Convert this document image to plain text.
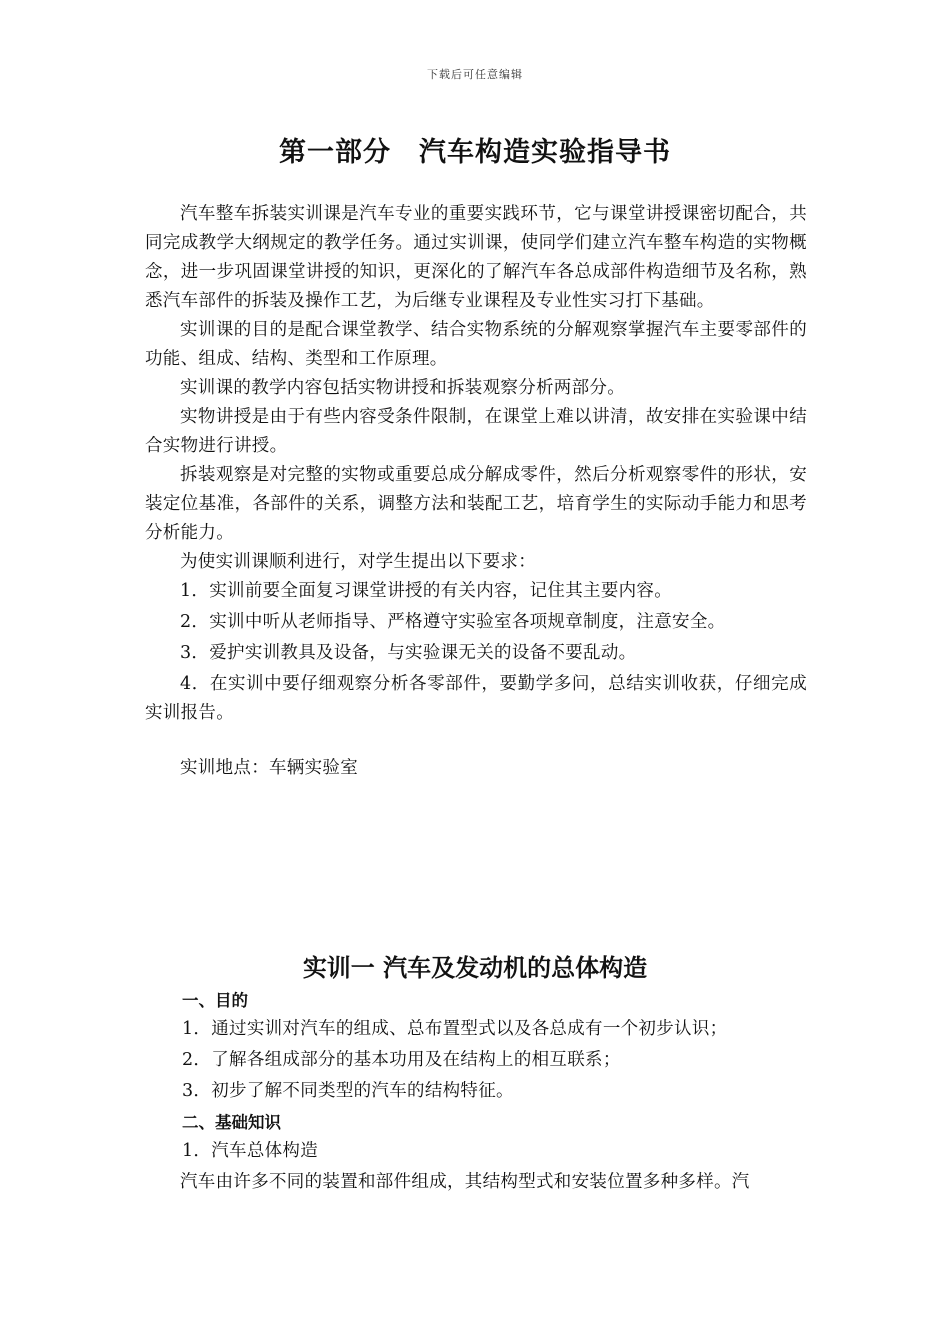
下载后可任意编辑
第一部分　汽车构造实验指导书

汽车整车拆装实训课是汽车专业的重要实践环节，它与课堂讲授课密切配合，共同完成教学大纲规定的教学任务。通过实训课，使同学们建立汽车整车构造的实物概念，进一步巩固课堂讲授的知识，更深化的了解汽车各总成部件构造细节及名称，熟悉汽车部件的拆装及操作工艺，为后继专业课程及专业性实习打下基础。

实训课的目的是配合课堂教学、结合实物系统的分解观察掌握汽车主要零部件的功能、组成、结构、类型和工作原理。

实训课的教学内容包括实物讲授和拆装观察分析两部分。

实物讲授是由于有些内容受条件限制，在课堂上难以讲清，故安排在实验课中结合实物进行讲授。

拆装观察是对完整的实物或重要总成分解成零件，然后分析观察零件的形状，安装定位基准，各部件的关系，调整方法和装配工艺，培育学生的实际动手能力和思考分析能力。

为使实训课顺利进行，对学生提出以下要求：

1．实训前要全面复习课堂讲授的有关内容，记住其主要内容。

2．实训中听从老师指导、严格遵守实验室各项规章制度，注意安全。

3．爱护实训教具及设备，与实验课无关的设备不要乱动。

4．在实训中要仔细观察分析各零部件，要勤学多问，总结实训收获，仔细完成实训报告。

实训地点：车辆实验室

实训一 汽车及发动机的总体构造

一、目的

1．通过实训对汽车的组成、总布置型式以及各总成有一个初步认识；

2．了解各组成部分的基本功用及在结构上的相互联系；

3．初步了解不同类型的汽车的结构特征。

二、基础知识

1．汽车总体构造

汽车由许多不同的装置和部件组成，其结构型式和安装位置多种多样。汽
